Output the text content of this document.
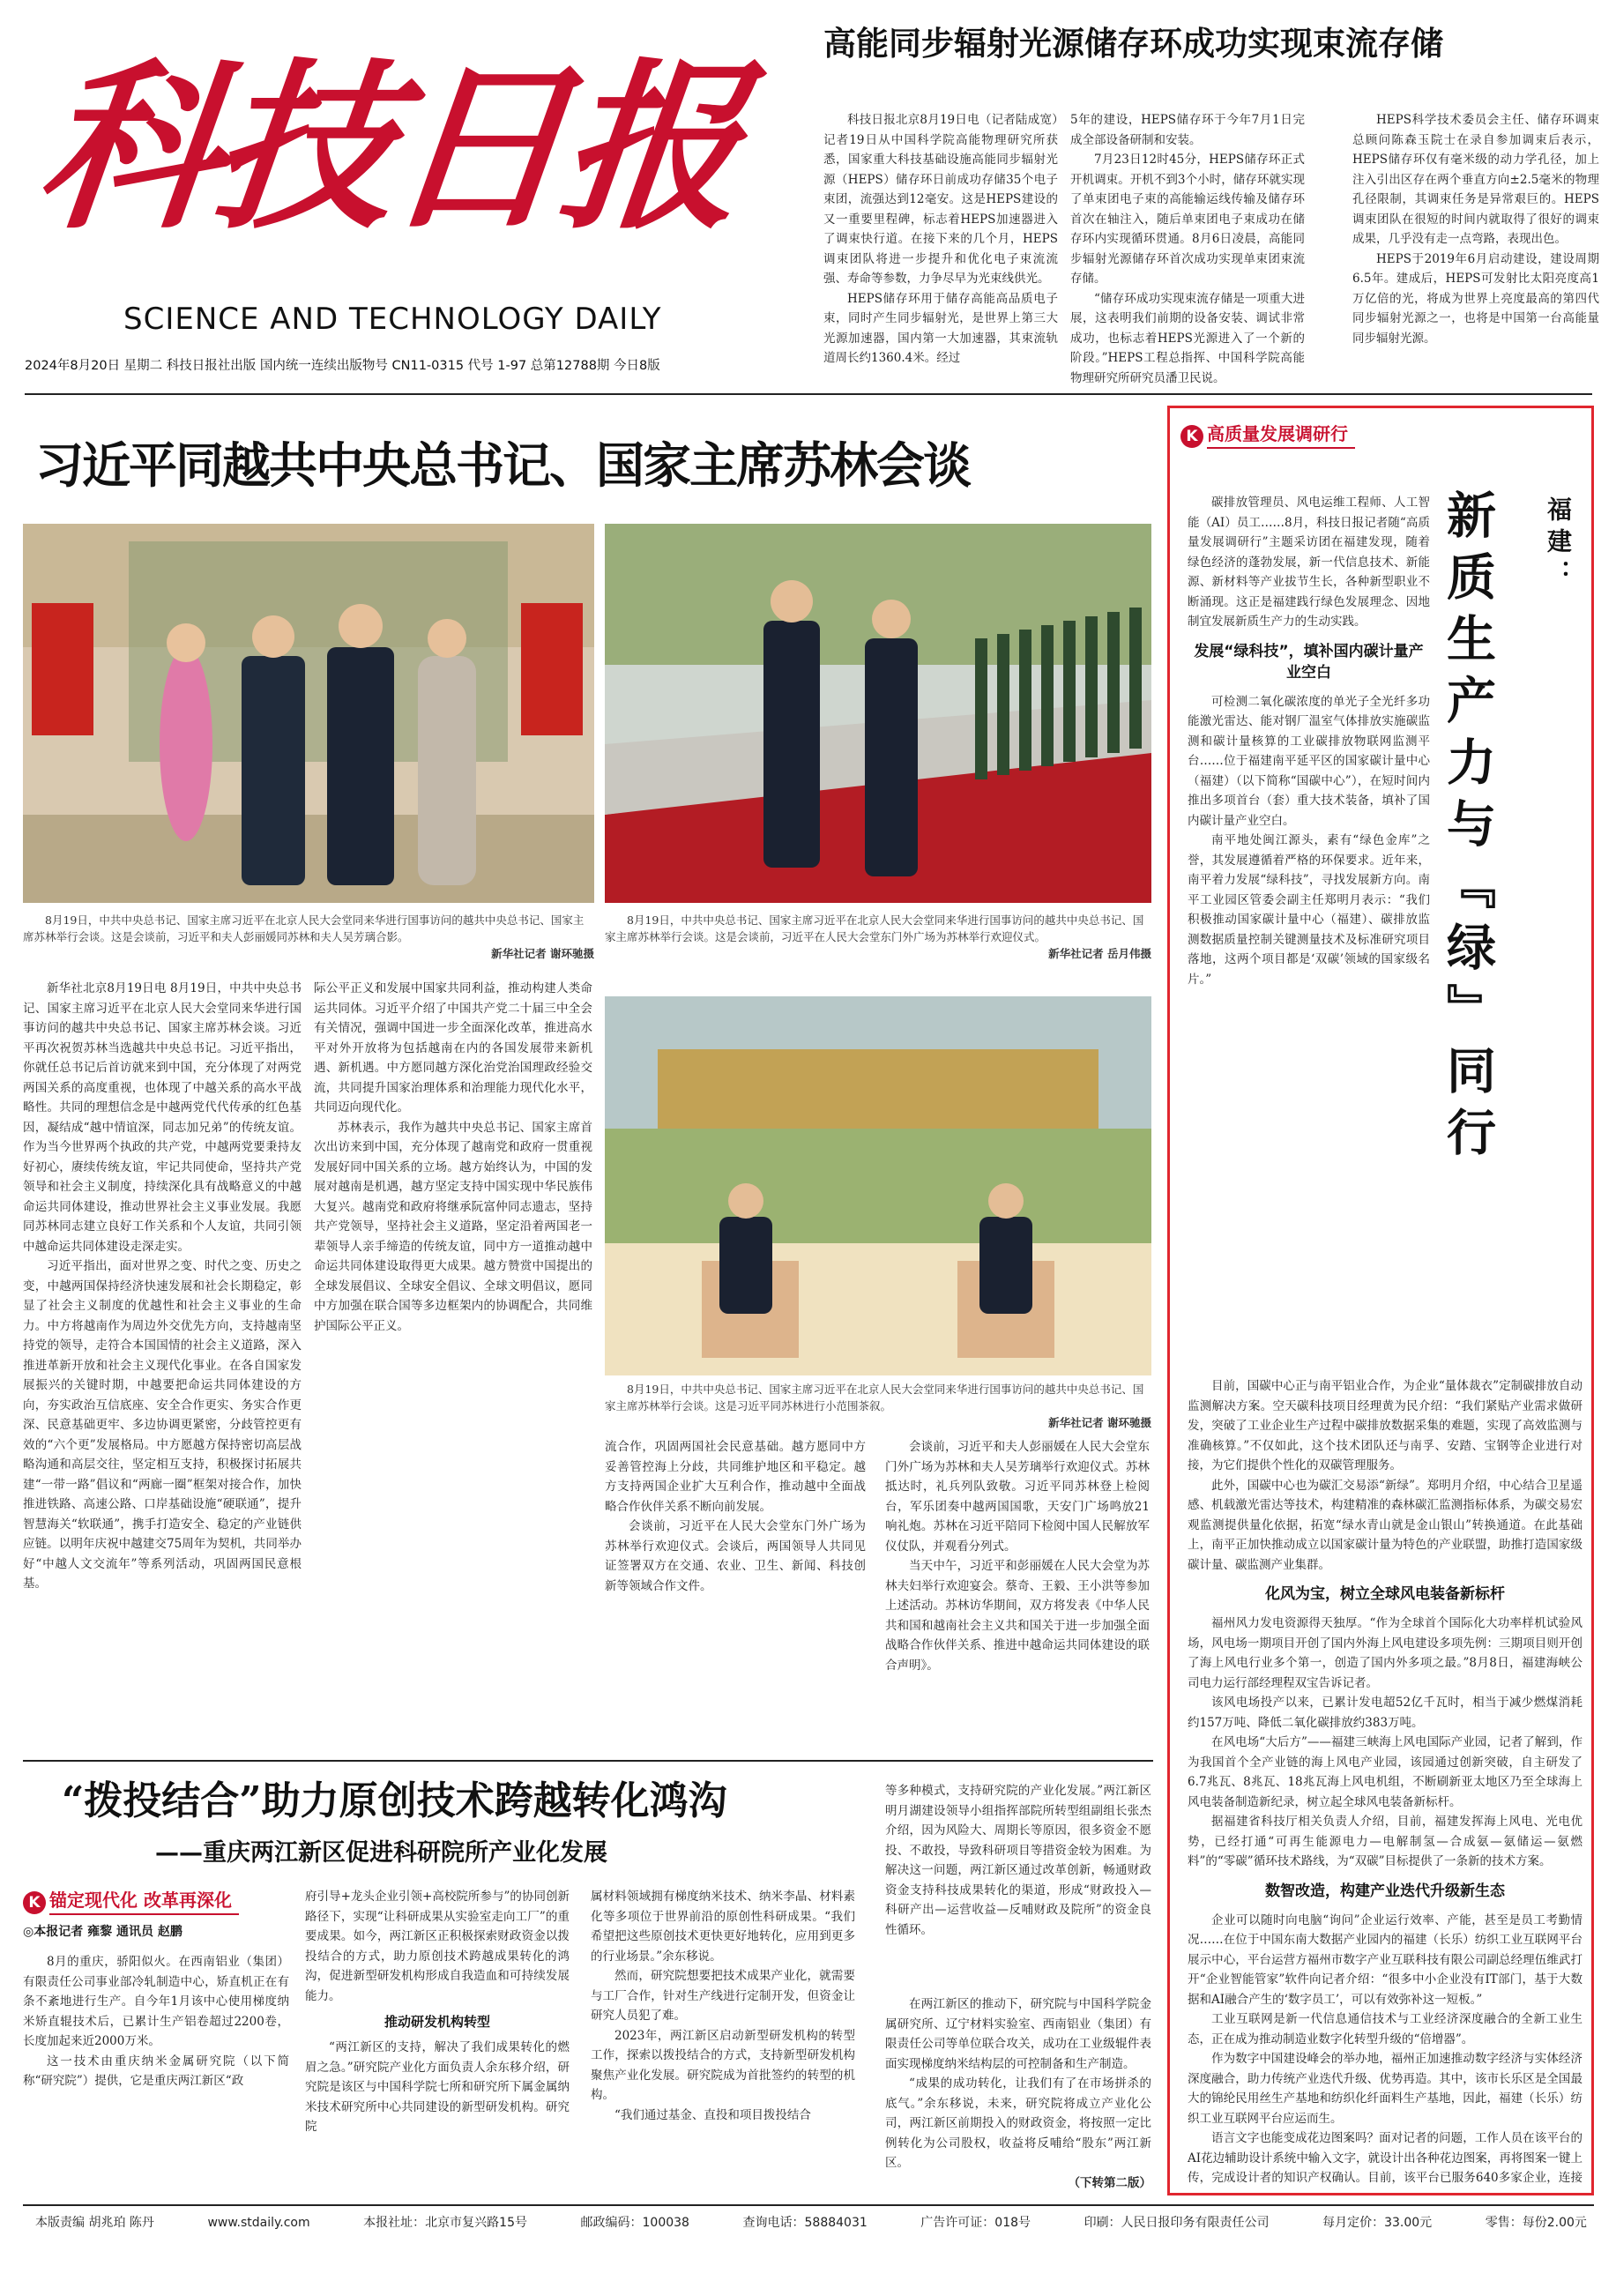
科技日报
SCIENCE AND TECHNOLOGY DAILY
2024年8月20日 星期二 科技日报社出版 国内统一连续出版物号 CN11-0315 代号 1-97 总第12788期 今日8版
高能同步辐射光源储存环成功实现束流存储

科技日报北京8月19日电（记者陆成宽）记者19日从中国科学院高能物理研究所获悉，国家重大科技基础设施高能同步辐射光源（HEPS）储存环日前成功存储35个电子束团，流强达到12毫安。这是HEPS建设的又一重要里程碑，标志着HEPS加速器进入了调束快行道。在接下来的几个月，HEPS调束团队将进一步提升和优化电子束流流强、寿命等参数，力争尽早为光束线供光。

HEPS储存环用于储存高能高品质电子束，同时产生同步辐射光，是世界上第三大光源加速器，国内第一大加速器，其束流轨道周长约1360.4米。经过

5年的建设，HEPS储存环于今年7月1日完成全部设备研制和安装。

7月23日12时45分，HEPS储存环正式开机调束。开机不到3个小时，储存环就实现了单束团电子束的高能输运线传输及储存环首次在轴注入，随后单束团电子束成功在储存环内实现循环贯通。8月6日凌晨，高能同步辐射光源储存环首次成功实现单束团束流存储。

“储存环成功实现束流存储是一项重大进展，这表明我们前期的设备安装、调试非常成功，也标志着HEPS光源进入了一个新的阶段。”HEPS工程总指挥、中国科学院高能物理研究所研究员潘卫民说。

HEPS科学技术委员会主任、储存环调束总顾问陈森玉院士在录自参加调束后表示，HEPS储存环仅有毫米级的动力学孔径，加上注入引出区存在两个垂直方向±2.5毫米的物理孔径限制，其调束任务是异常艰巨的。HEPS调束团队在很短的时间内就取得了很好的调束成果，几乎没有走一点弯路，表现出色。

HEPS于2019年6月启动建设，建设周期6.5年。建成后，HEPS可发射比太阳亮度高1万亿倍的光，将成为世界上亮度最高的第四代同步辐射光源之一，也将是中国第一台高能量同步辐射光源。

习近平同越共中央总书记、国家主席苏林会谈
8月19日，中共中央总书记、国家主席习近平在北京人民大会堂同来华进行国事访问的越共中央总书记、国家主席苏林举行会谈。这是会谈前，习近平和夫人彭丽媛同苏林和夫人吴芳璃合影。
新华社记者 谢环驰摄
8月19日，中共中央总书记、国家主席习近平在北京人民大会堂同来华进行国事访问的越共中央总书记、国家主席苏林举行会谈。这是会谈前，习近平在人民大会堂东门外广场为苏林举行欢迎仪式。
新华社记者 岳月伟摄
8月19日，中共中央总书记、国家主席习近平在北京人民大会堂同来华进行国事访问的越共中央总书记、国家主席苏林举行会谈。这是习近平同苏林进行小范围茶叙。
新华社记者 谢环驰摄

新华社北京8月19日电 8月19日，中共中央总书记、国家主席习近平在北京人民大会堂同来华进行国事访问的越共中央总书记、国家主席苏林会谈。习近平再次祝贺苏林当选越共中央总书记。习近平指出，你就任总书记后首访就来到中国，充分体现了对两党两国关系的高度重视，也体现了中越关系的高水平战略性。共同的理想信念是中越两党代代传承的红色基因，凝结成“越中情谊深，同志加兄弟”的传统友谊。作为当今世界两个执政的共产党，中越两党要秉持友好初心，赓续传统友谊，牢记共同使命，坚持共产党领导和社会主义制度，持续深化具有战略意义的中越命运共同体建设，推动世界社会主义事业发展。我愿同苏林同志建立良好工作关系和个人友谊，共同引领中越命运共同体建设走深走实。

习近平指出，面对世界之变、时代之变、历史之变，中越两国保持经济快速发展和社会长期稳定，彰显了社会主义制度的优越性和社会主义事业的生命力。中方将越南作为周边外交优先方向，支持越南坚持党的领导，走符合本国国情的社会主义道路，深入推进革新开放和社会主义现代化事业。在各自国家发展振兴的关键时期，中越要把命运共同体建设的方向，夯实政治互信底座、安全合作更实、务实合作更深、民意基础更牢、多边协调更紧密，分歧管控更有效的“六个更”发展格局。中方愿越方保持密切高层战略沟通和高层交往，坚定相互支持，积极探讨拓展共建“一带一路”倡议和“两廊一圈”框架对接合作，加快推进铁路、高速公路、口岸基础设施“硬联通”，提升智慧海关“软联通”，携手打造安全、稳定的产业链供应链。以明年庆祝中越建交75周年为契机，共同举办好“中越人文交流年”等系列活动，巩固两国民意根基。

际公平正义和发展中国家共同利益，推动构建人类命运共同体。习近平介绍了中国共产党二十届三中全会有关情况，强调中国进一步全面深化改革，推进高水平对外开放将为包括越南在内的各国发展带来新机遇、新机遇。中方愿同越方深化治党治国理政经验交流，共同提升国家治理体系和治理能力现代化水平，共同迈向现代化。

苏林表示，我作为越共中央总书记、国家主席首次出访来到中国，充分体现了越南党和政府一贯重视发展好同中国关系的立场。越方始终认为，中国的发展对越南是机遇，越方坚定支持中国实现中华民族伟大复兴。越南党和政府将继承阮富仲同志遗志，坚持共产党领导，坚持社会主义道路，坚定沿着两国老一辈领导人亲手缔造的传统友谊，同中方一道推动越中命运共同体建设取得更大成果。越方赞赏中国提出的全球发展倡议、全球安全倡议、全球文明倡议，愿同中方加强在联合国等多边框架内的协调配合，共同维护国际公平正义。

流合作，巩固两国社会民意基础。越方愿同中方妥善管控海上分歧，共同维护地区和平稳定。越方支持两国企业扩大互利合作，推动越中全面战略合作伙伴关系不断向前发展。

会谈前，习近平在人民大会堂东门外广场为苏林举行欢迎仪式。会谈后，两国领导人共同见证签署双方在交通、农业、卫生、新闻、科技创新等领域合作文件。

会谈前，习近平和夫人彭丽媛在人民大会堂东门外广场为苏林和夫人吴芳璃举行欢迎仪式。苏林抵达时，礼兵列队致敬。习近平同苏林登上检阅台，军乐团奏中越两国国歌，天安门广场鸣放21响礼炮。苏林在习近平陪同下检阅中国人民解放军仪仗队，并观看分列式。

当天中午，习近平和彭丽媛在人民大会堂为苏林夫妇举行欢迎宴会。蔡奇、王毅、王小洪等参加上述活动。苏林访华期间，双方将发表《中华人民共和国和越南社会主义共和国关于进一步加强全面战略合作伙伴关系、推进中越命运共同体建设的联合声明》。

K 高质量发展调研行
福建：
新质生产力与『绿』同行

碳排放管理员、风电运维工程师、人工智能（AI）员工……8月，科技日报记者随“高质量发展调研行”主题采访团在福建发现，随着绿色经济的蓬勃发展，新一代信息技术、新能源、新材料等产业拔节生长，各种新型职业不断涌现。这正是福建践行绿色发展理念、因地制宜发展新质生产力的生动实践。

发展“绿科技”，填补国内碳计量产业空白

可检测二氧化碳浓度的单光子全光纤多功能激光雷达、能对钢厂温室气体排放实施碳监测和碳计量核算的工业碳排放物联网监测平台……位于福建南平延平区的国家碳计量中心（福建）（以下简称“国碳中心”），在短时间内推出多项首台（套）重大技术装备，填补了国内碳计量产业空白。

南平地处闽江源头，素有“绿色金库”之誉，其发展遵循着严格的环保要求。近年来，南平着力发展“绿科技”，寻找发展新方向。南平工业园区管委会副主任郑明月表示：“我们积极推动国家碳计量中心（福建）、碳排放监测数据质量控制关键测量技术及标准研究项目落地，这两个项目都是‘双碳’领域的国家级名片。”

目前，国碳中心正与南平铝业合作，为企业“量体裁衣”定制碳排放自动监测解决方案。空天碳科技项目经理黄为民介绍：“我们紧贴产业需求做研发，突破了工业企业生产过程中碳排放数据采集的难题，实现了高效监测与准确核算。”不仅如此，这个技术团队还与南孚、安踏、宝钢等企业进行对接，为它们提供个性化的双碳管理服务。

此外，国碳中心也为碳汇交易添“新绿”。郑明月介绍，中心结合卫星遥感、机载激光雷达等技术，构建精准的森林碳汇监测指标体系，为碳交易宏观监测提供量化依据，拓宽“绿水青山就是金山银山”转换通道。在此基础上，南平正加快推动成立以国家碳计量为特色的产业联盟，助推打造国家级碳计量、碳监测产业集群。

化风为宝，树立全球风电装备新标杆

福州风力发电资源得天独厚。“作为全球首个国际化大功率样机试验风场，风电场一期项目开创了国内外海上风电建设多项先例：三期项目则开创了海上风电行业多个第一，创造了国内外多项之最。”8月8日，福建海峡公司电力运行部经理程双宝告诉记者。

该风电场投产以来，已累计发电超52亿千瓦时，相当于减少燃煤消耗约157万吨、降低二氧化碳排放约383万吨。

在风电场“大后方”——福建三峡海上风电国际产业园，记者了解到，作为我国首个全产业链的海上风电产业园，该园通过创新突破，自主研发了6.7兆瓦、8兆瓦、18兆瓦海上风电机组，不断刷新亚太地区乃至全球海上风电装备制造新纪录，树立起全球风电装备新标杆。

据福建省科技厅相关负责人介绍，目前，福建发挥海上风电、光电优势，已经打通“可再生能源电力—电解制氢—合成氨—氨储运—氨燃料”的“零碳”循环技术路线，为“双碳”目标提供了一条新的技术方案。

数智改造，构建产业迭代升级新生态

企业可以随时向电脑“询问”企业运行效率、产能，甚至是员工考勤情况……在位于中国东南大数据产业园内的福建（长乐）纺织工业互联网平台展示中心，平台运营方福州市数字产业互联科技有限公司副总经理伍维武打开“企业智能管家”软件向记者介绍：“很多中小企业没有IT部门，基于大数据和AI融合产生的‘数字员工’，可以有效弥补这一短板。”

工业互联网是新一代信息通信技术与工业经济深度融合的全新工业生态，正在成为推动制造业数字化转型升级的“倍增器”。

作为数字中国建设峰会的举办地，福州正加速推动数字经济与实体经济深度融合，助力传统产业迭代升级、优势再造。其中，该市长乐区是全国最大的锦纶民用丝生产基地和纺织化纤面料生产基地，因此，福建（长乐）纺织工业互联网平台应运而生。

语言文字也能变成花边图案吗？面对记者的问题，工作人员在该平台的AI花边辅助设计系统中输入文字，就设计出各种花边图案，再将图案一键上传，完成设计者的知识产权确认。目前，该平台已服务640多家企业，连接

“拨投结合”助力原创技术跨越转化鸿沟
——重庆两江新区促进科研院所产业化发展
K 锚定现代化 改革再深化
◎本报记者 雍黎 通讯员 赵鹏

8月的重庆，骄阳似火。在西南铝业（集团）有限责任公司事业部冷轧制造中心，矫直机正在有条不紊地进行生产。自今年1月该中心使用梯度纳米矫直辊技术后，已累计生产铝卷超过2200卷，长度加起来近2000万米。

这一技术由重庆纳米金属研究院（以下简称“研究院”）提供，它是重庆两江新区“政

府引导+龙头企业引领+高校院所参与”的协同创新路径下，实现“让科研成果从实验室走向工厂”的重要成果。如今，两江新区正积极探索财政资金以拨投结合的方式，助力原创技术跨越成果转化的鸿沟，促进新型研发机构形成自我造血和可持续发展能力。

推动研发机构转型

“两江新区的支持，解决了我们成果转化的燃眉之急。”研究院产业化方面负责人余东移介绍，研究院是该区与中国科学院七所和研究所下属金属纳米技术研究所中心共同建设的新型研发机构。研究院

属材料领域拥有梯度纳米技术、纳米李晶、材料素化等多项位于世界前沿的原创性科研成果。“我们希望把这些原创技术更快更好地转化，应用到更多的行业场景。”余东移说。

然而，研究院想要把技术成果产业化，就需要与工厂合作，针对生产线进行定制开发，但资金让研究人员犯了难。

2023年，两江新区启动新型研发机构的转型工作，探索以拨投结合的方式，支持新型研发机构聚焦产业化发展。研究院成为首批签约的转型的机构。

“我们通过基金、直投和项目拨投结合

等多种模式，支持研究院的产业化发展。”两江新区明月湖建设领导小组指挥部院所转型组副组长张杰介绍，因为风险大、周期长等原因，很多资金不愿投、不敢投，导致科研项目等措资金较为困难。为解决这一问题，两江新区通过改革创新，畅通财政资金支持科技成果转化的渠道，形成“财政投入—科研产出—运营收益—反哺财政及院所”的资金良性循环。

在两江新区的推动下，研究院与中国科学院金属研究所、辽宁材料实验室、西南铝业（集团）有限责任公司等单位联合攻关，成功在工业级辊件表面实现梯度纳米结构层的可控制备和生产制造。

“成果的成功转化，让我们有了在市场拼杀的底气。”余东移说，未来，研究院将成立产业化公司，两江新区前期投入的财政资金，将按照一定比例转化为公司股权，收益将反哺给“股东”两江新区。

（下转第二版）
本版责编 胡兆珀 陈丹	www.stdaily.com	本报社址：北京市复兴路15号	邮政编码：100038	查询电话：58884031	广告许可证：018号	印刷：人民日报印务有限责任公司	每月定价：33.00元	零售：每份2.00元
